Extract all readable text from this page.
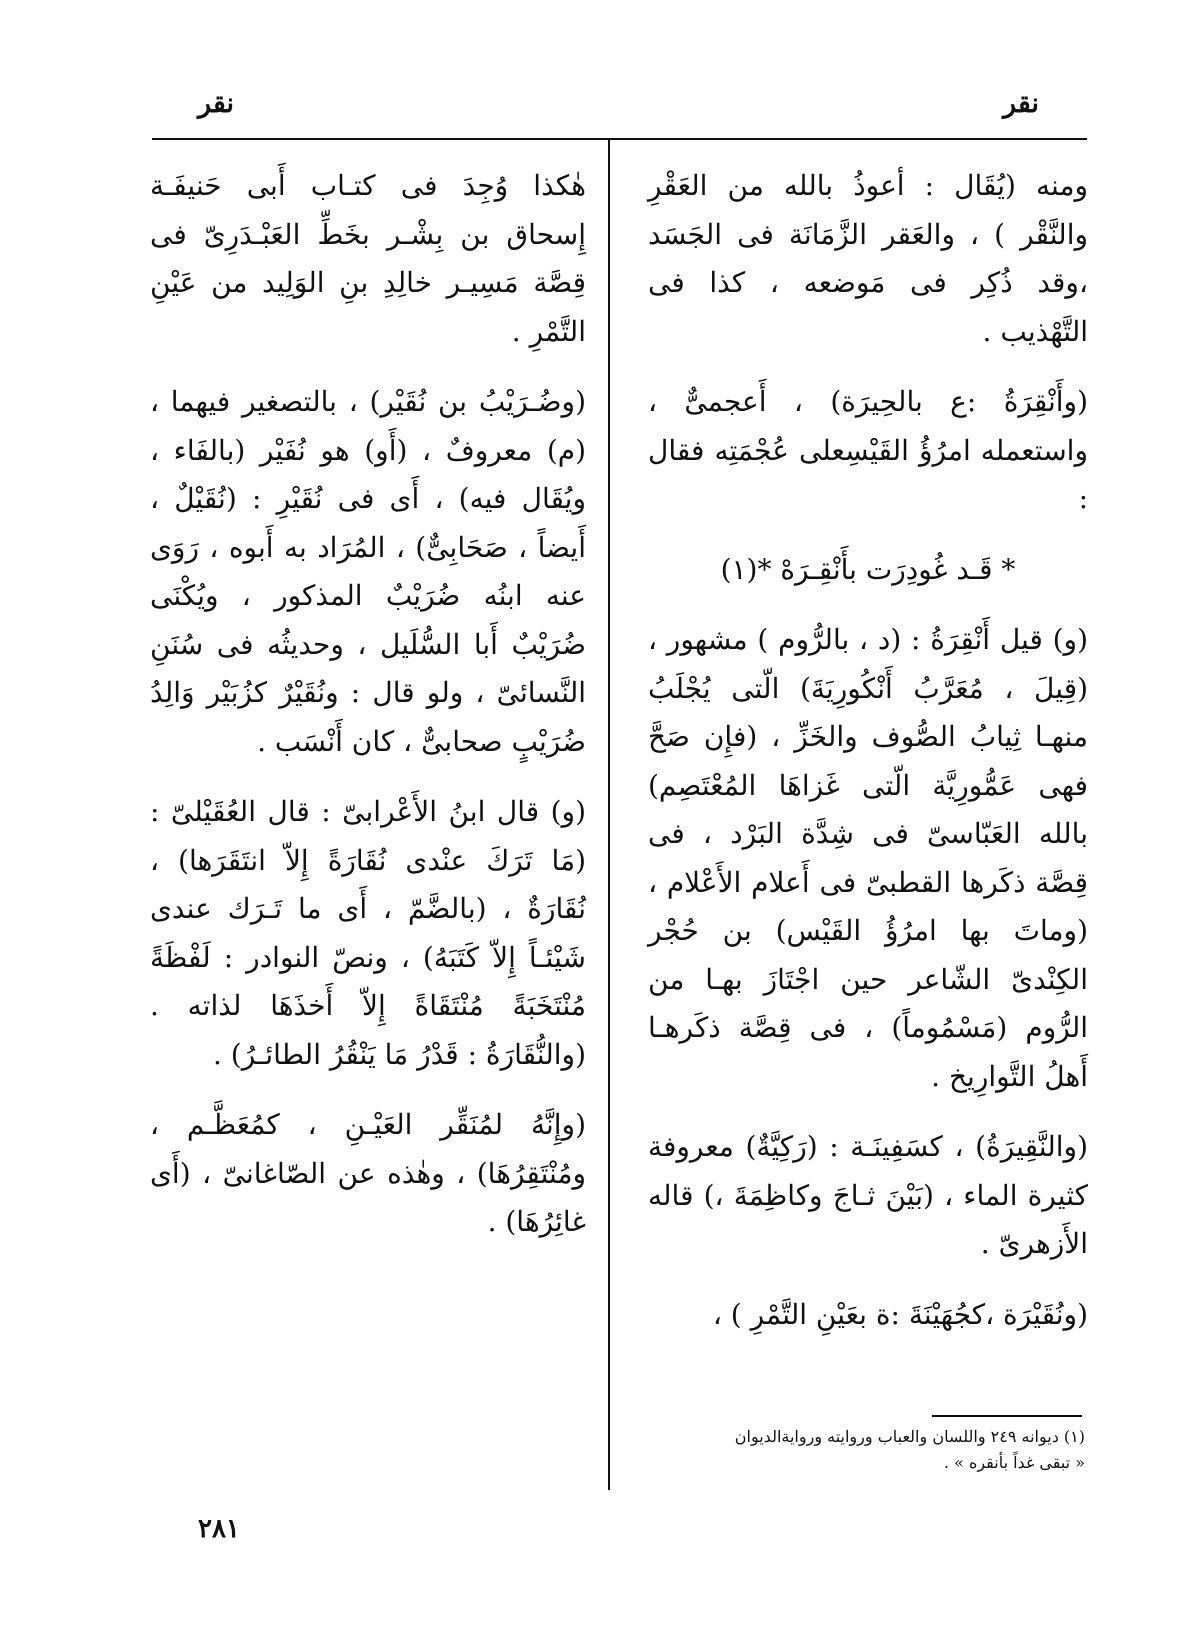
نقر
نقر

ومنه (يُقَال : أعوذُ بالله من العَقْرِ والنَّقْر ) ، والعَقر الزَّمَانَة فى الجَسَد ،وقد ذُكِر فى مَوضعه ، كذا فى التَّهْذيب .

(وأَنْقِرَةُ :ع بالحِيرَة) ، أَعجمىٌّ ، واستعمله امرُؤُ القَيْسِعلى عُجْمَتِه فقال :

* قَـد غُودِرَت بأَنْقِـرَهْ *(١)

(و) قيل أَنْقِرَةُ : (د ، بالرُّوم ) مشهور ،(قِيلَ ، مُعَرَّبُ أَنْكُورِيَةَ) الّتى يُجْلَبُ منهـا ثِيابُ الصُّوف والخَزِّ ، (فإِن صَحَّ فهى عَمُّورِيَّة الّتى غَزاهَا المُعْتَصِم) بالله العَبّاسىّ فى شِدَّة البَرْد ، فى قِصَّة ذكَرها القطبىّ فى أَعلام الأَعْلام ، (وماتَ بها امرُؤُ القَيْس) بن حُجْر الكِنْدىّ الشّاعر حين اجْتَازَ بهـا من الرُّوم (مَسْمُوماً) ، فى قِصَّة ذكَرهـا أَهلُ التَّوارِيخ .

(والنَّقِيرَةُ) ، كسَفِينَـة : (رَكِيَّةٌ) معروفة كثيرة الماء ، (بَيْنَ ثـاجَ وكاظِمَةَ ،) قاله الأَزهرىّ .

(ونُقَيْرَة ،كجُهَيْنَةَ :ة بعَيْنِ التَّمْرِ ) ،

هٰكذا وُجِدَ فى كتـاب أَبى حَنيفَـة إِسحاق بن بِشْـر بخَطِّ العَبْـدَرِىّ فى قِصَّة مَسِيـر خالِدِ بنِ الوَلِيد من عَيْنِ التَّمْرِ .

(وضُـرَيْبُ بن نُقَيْر) ، بالتصغير فيهما ، (م) معروفٌ ، (أَو) هو نُفَيْر (بالفَاء ، ويُقَال فيه) ، أَى فى نُقَيْرِ : (نُقَيْلٌ ، أَيضاً ، صَحَابِىٌّ) ، المُرَاد به أَبوه ، رَوَى عنه ابنُه ضُرَيْبٌ المذكور ، ويُكْنَى ضُرَيْبٌ أَبا السُّلَيل ، وحديثُه فى سُنَنِ النَّسائىّ ، ولو قال : ونُقَيْرٌ كزُبَيْر وَالِدُ ضُرَيْبٍ صحابىٌّ ، كان أَنْسَب .

(و) قال ابنُ الأَعْرابىّ : قال العُقَيْلىّ : (مَا تَرَكَ عنْدى نُقَارَةً إِلاّ انتَقَرَها) ، نُقَارَةٌ ، (بالضَّمّ ، أَى ما تَـرَك عندى شَيْئـاً إِلاّ كَتَبَهُ) ، ونصّ النوادر : لَفْظَةً مُنْتَخَبَةً مُنْتَقَاةً إِلاّ أَخذَهَا لذاته . (والنُّقَارَةُ : قَدْرُ مَا يَنْقُرُ الطائـرُ) .

(وإِنَّهُ لمُنَقِّر العَيْـنِ ، كمُعَظَّـم ، ومُنْتَقِرُهَا) ، وهٰذه عن الصّاغانىّ ، (أَى غائِرُهَا) .

(١) ديوانه ٢٤٩ واللسان والعباب وروايته وروايةالديوان

« تبقى غداً بأنقره » .

٢٨١
